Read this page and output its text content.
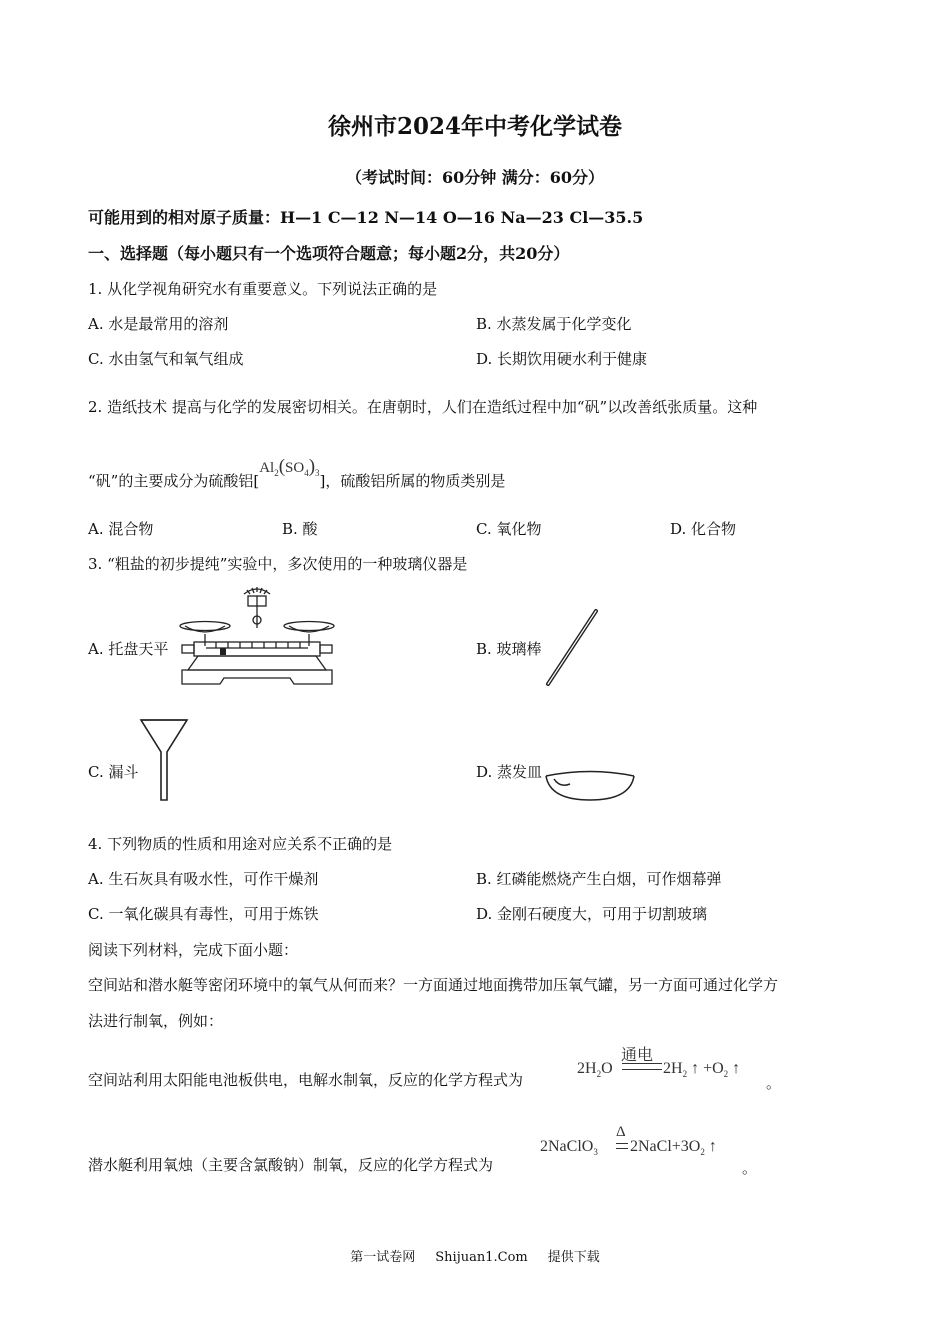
徐州市2024年中考化学试卷
（考试时间：60分钟 满分：60分）
可能用到的相对原子质量：H—1 C—12 N—14 O—16 Na—23 Cl—35.5
一、选择题（每小题只有一个选项符合题意；每小题2分，共20分）
1. 从化学视角研究水有重要意义。下列说法正确的是
A. 水是最常用的溶剂	B. 水蒸发属于化学变化
C. 水由氢气和氧气组成	D. 长期饮用硬水利于健康
2. 造纸技术 提高与化学的发展密切相关。在唐朝时，人们在造纸过程中加“矾”以改善纸张质量。这种
“矾”的主要成分为硫酸铝$[Al_2(SO_4)_3]$，硫酸铝所属的物质类别是
A. 混合物	B. 酸	C. 氧化物	D. 化合物
3. “粗盐的初步提纯”实验中，多次使用的一种玻璃仪器是
A. 托盘天平	B. 玻璃棒
C. 漏斗	D. 蒸发皿
4. 下列物质的性质和用途对应关系不正确的是
A. 生石灰具有吸水性，可作干燥剂	B. 红磷能燃烧产生白烟，可作烟幕弹
C. 一氧化碳具有毒性，可用于炼铁	D. 金刚石硬度大，可用于切割玻璃
阅读下列材料，完成下面小题：
空间站和潜水艇等密闭环境中的氧气从何而来？一方面通过地面携带加压氧气罐，另一方面可通过化学方
法进行制氧，例如：
空间站利用太阳能电池板供电，电解水制氧，反应的化学方程式为
通电
$2H_2O$	$2H_2$ ↑ $+O_2$ ↑
。
潜水艇利用氧烛（主要含氯酸钠）制氧，反应的化学方程式为
Δ
2NaClO$_3$ $2NaCl+3O_2$ ↑
。
第一试卷网 Shijuan1.Com 提供下载
